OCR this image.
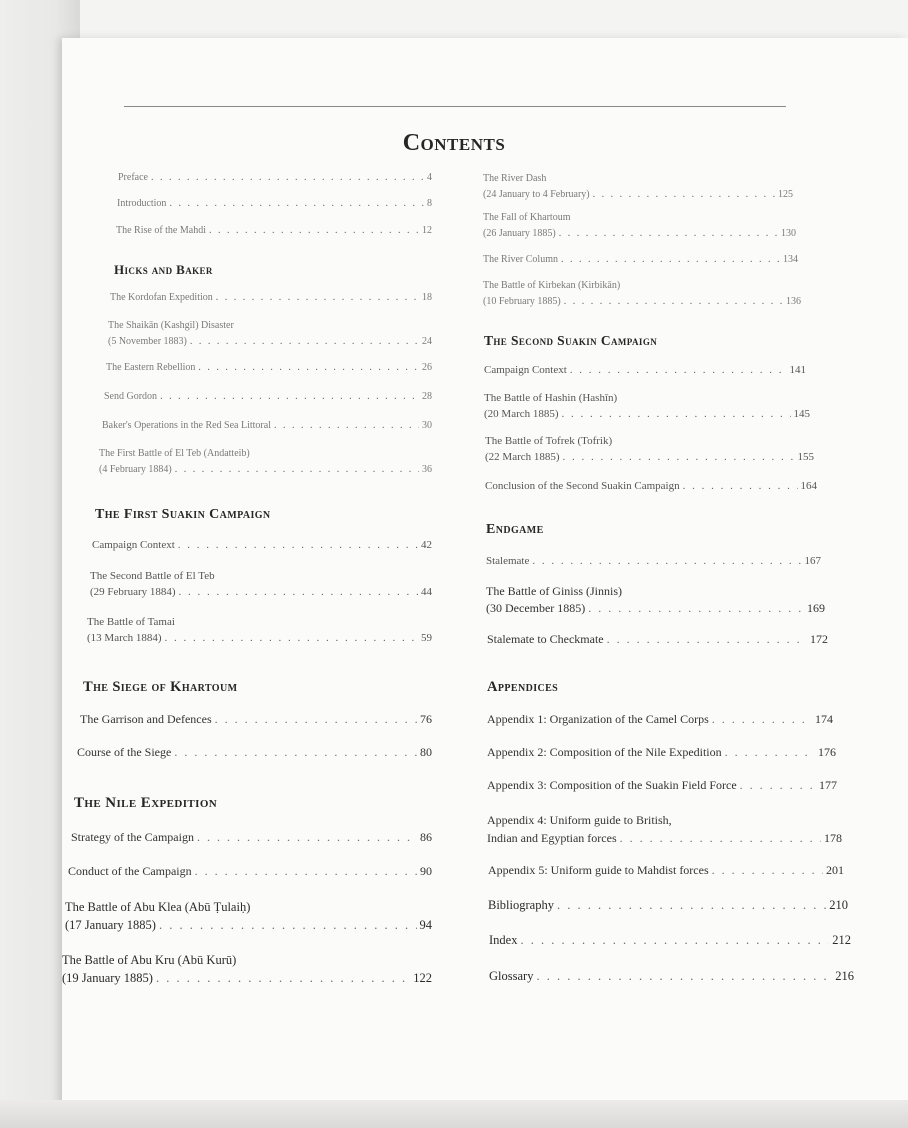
Contents
Preface . . .	4
Introduction . . .	8
The Rise of the Mahdi . . .	12
Hicks and Baker
The Kordofan Expedition . . .	18
The Shaikān (Kashgil) Disaster
(5 November 1883) . . .	24
The Eastern Rebellion . . .	26
Send Gordon . . .	28
Baker's Operations in the Red Sea Littoral . . .	30
The First Battle of El Teb (Andatteib)
(4 February 1884) . . .	36
The First Suakin Campaign
Campaign Context . . .	42
The Second Battle of El Teb
(29 February 1884) . . .	44
The Battle of Tamai
(13 March 1884) . . .	59
The Siege of Khartoum
The Garrison and Defences . . .	76
Course of the Siege . . .	80
The Nile Expedition
Strategy of the Campaign . . .	86
Conduct of the Campaign . . .	90
The Battle of Abu Klea (Abū Ṭulaiḥ)
(17 January 1885) . . .	94
The Battle of Abu Kru (Abū Kurū)
(19 January 1885) . . .	122
The River Dash
(24 January to 4 February) . . .	125
The Fall of Khartoum
(26 January 1885) . . .	130
The River Column . . .	134
The Battle of Kirbekan (Kirbikān)
(10 February 1885) . . .	136
The Second Suakin Campaign
Campaign Context . . .	141
The Battle of Hashin (Hashīn)
(20 March 1885) . . .	145
The Battle of Tofrek (Tofrik)
(22 March 1885) . . .	155
Conclusion of the Second Suakin Campaign . . .	164
Endgame
Stalemate . . .	167
The Battle of Giniss (Jinnis)
(30 December 1885) . . .	169
Stalemate to Checkmate . . .	172
Appendices
Appendix 1: Organization of the Camel Corps . . .	174
Appendix 2: Composition of the Nile Expedition . . .	176
Appendix 3: Composition of the Suakin Field Force . . .	177
Appendix 4: Uniform guide to British,
Indian and Egyptian forces . . .	178
Appendix 5: Uniform guide to Mahdist forces . . .	201
Bibliography . . .	210
Index . . .	212
Glossary . . .	216
